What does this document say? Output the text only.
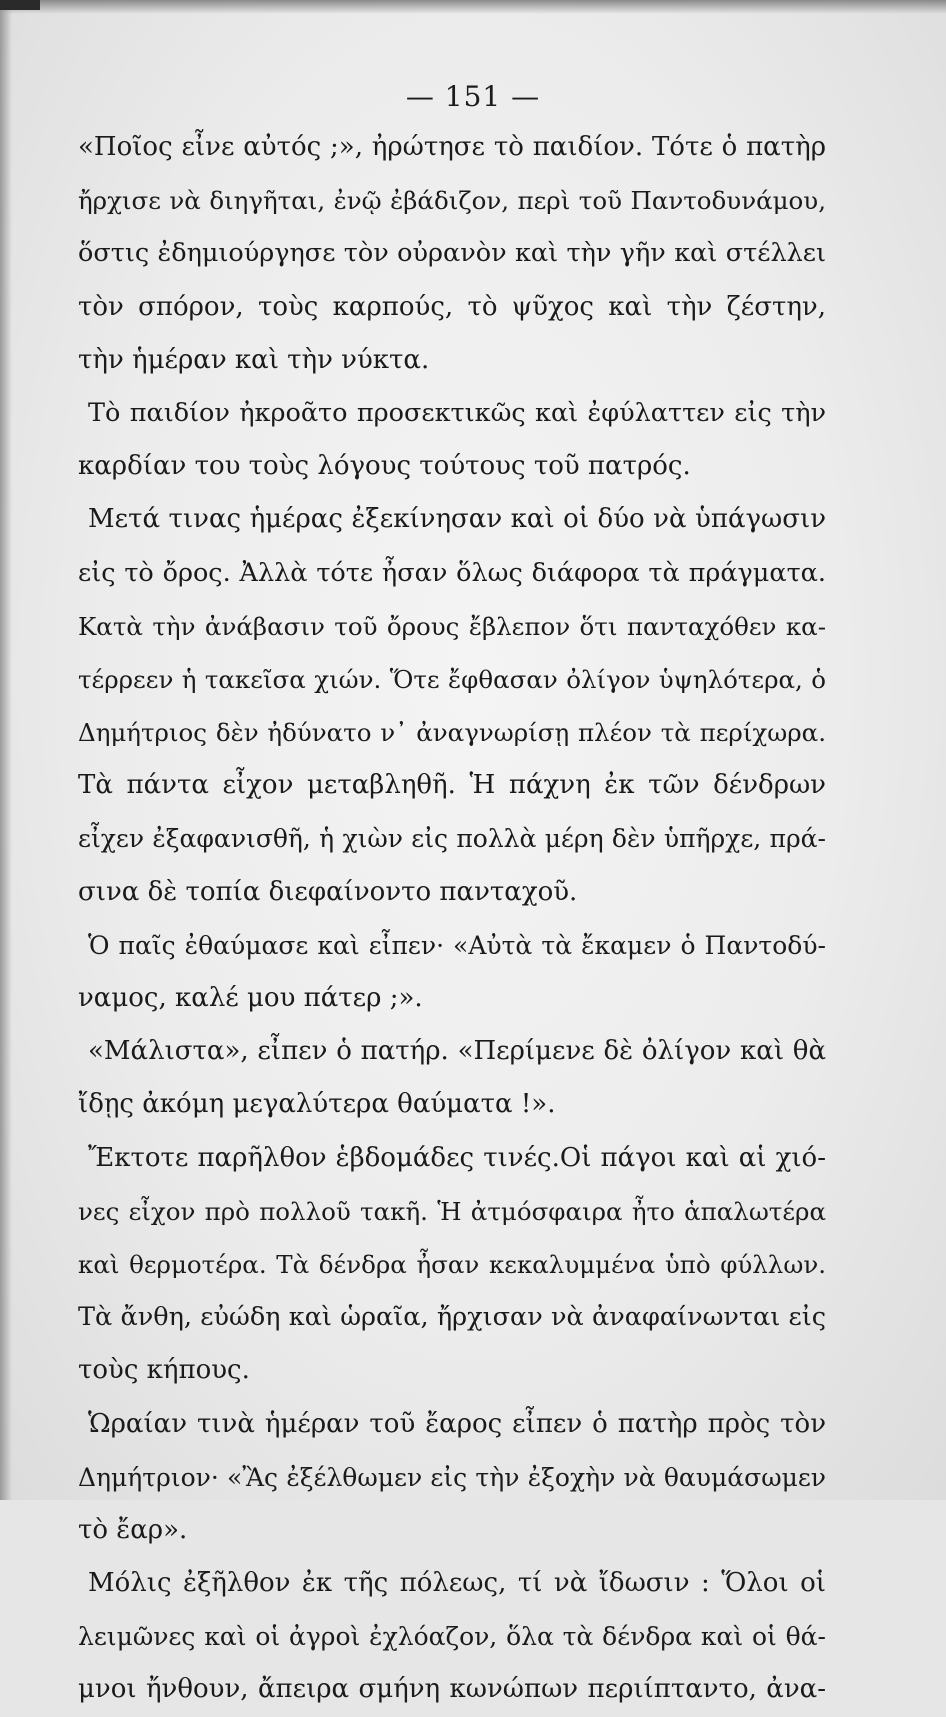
— 151 —
«Ποῖος εἶνε αὐτός ;», ἠρώτησε τὸ παιδίον. Τότε ὁ πατὴρ
ἤρχισε νὰ διηγῆται, ἐνῷ ἐβάδιζον, περὶ τοῦ Παντοδυνάμου,
ὅστις ἐδημιούργησε τὸν οὐρανὸν καὶ τὴν γῆν καὶ στέλλει
τὸν σπόρον, τοὺς καρπούς, τὸ ψῦχος καὶ τὴν ζέστην,
τὴν ἡμέραν καὶ τὴν νύκτα.
Τὸ παιδίον ἠκροᾶτο προσεκτικῶς καὶ ἐφύλαττεν εἰς τὴν
καρδίαν του τοὺς λόγους τούτους τοῦ πατρός.
Μετά τινας ἡμέρας ἐξεκίνησαν καὶ οἱ δύο νὰ ὑπάγωσιν
εἰς τὸ ὄρος. Ἀλλὰ τότε ἦσαν ὅλως διάφορα τὰ πράγματα.
Κατὰ τὴν ἀνάβασιν τοῦ ὄρους ἔβλεπον ὅτι πανταχόθεν κα-
τέρρεεν ἡ τακεῖσα χιών. Ὅτε ἔφθασαν ὀλίγον ὑψηλότερα, ὁ
Δημήτριος δὲν ἠδύνατο ν᾽ ἀναγνωρίσῃ πλέον τὰ περίχωρα.
Τὰ πάντα εἶχον μεταβληθῆ. Ἡ πάχνη ἐκ τῶν δένδρων
εἶχεν ἐξαφανισθῆ, ἡ χιὼν εἰς πολλὰ μέρη δὲν ὑπῆρχε, πρά-
σινα δὲ τοπία διεφαίνοντο πανταχοῦ.
Ὁ παῖς ἐθαύμασε καὶ εἶπεν· «Αὐτὰ τὰ ἔκαμεν ὁ Παντοδύ-
ναμος, καλέ μου πάτερ ;».
«Μάλιστα», εἶπεν ὁ πατήρ. «Περίμενε δὲ ὀλίγον καὶ θὰ
ἴδῃς ἀκόμη μεγαλύτερα θαύματα !».
Ἔκτοτε παρῆλθον ἑβδομάδες τινές.Οἱ πάγοι καὶ αἱ χιό-
νες εἶχον πρὸ πολλοῦ τακῆ. Ἡ ἀτμόσφαιρα ἦτο ἁπαλωτέρα
καὶ θερμοτέρα. Τὰ δένδρα ἦσαν κεκαλυμμένα ὑπὸ φύλλων.
Τὰ ἄνθη, εὐώδη καὶ ὡραῖα, ἤρχισαν νὰ ἀναφαίνωνται εἰς
τοὺς κήπους.
Ὡραίαν τινὰ ἡμέραν τοῦ ἔαρος εἶπεν ὁ πατὴρ πρὸς τὸν
Δημήτριον· «Ἂς ἐξέλθωμεν εἰς τὴν ἐξοχὴν νὰ θαυμάσωμεν
τὸ ἔαρ».
Μόλις ἐξῆλθον ἐκ τῆς πόλεως, τί νὰ ἴδωσιν : Ὅλοι οἱ
λειμῶνες καὶ οἱ ἀγροὶ ἐχλόαζον, ὅλα τὰ δένδρα καὶ οἱ θά-
μνοι ἤνθουν, ἄπειρα σμήνη κωνώπων περιίπταντο, ἀνα-
